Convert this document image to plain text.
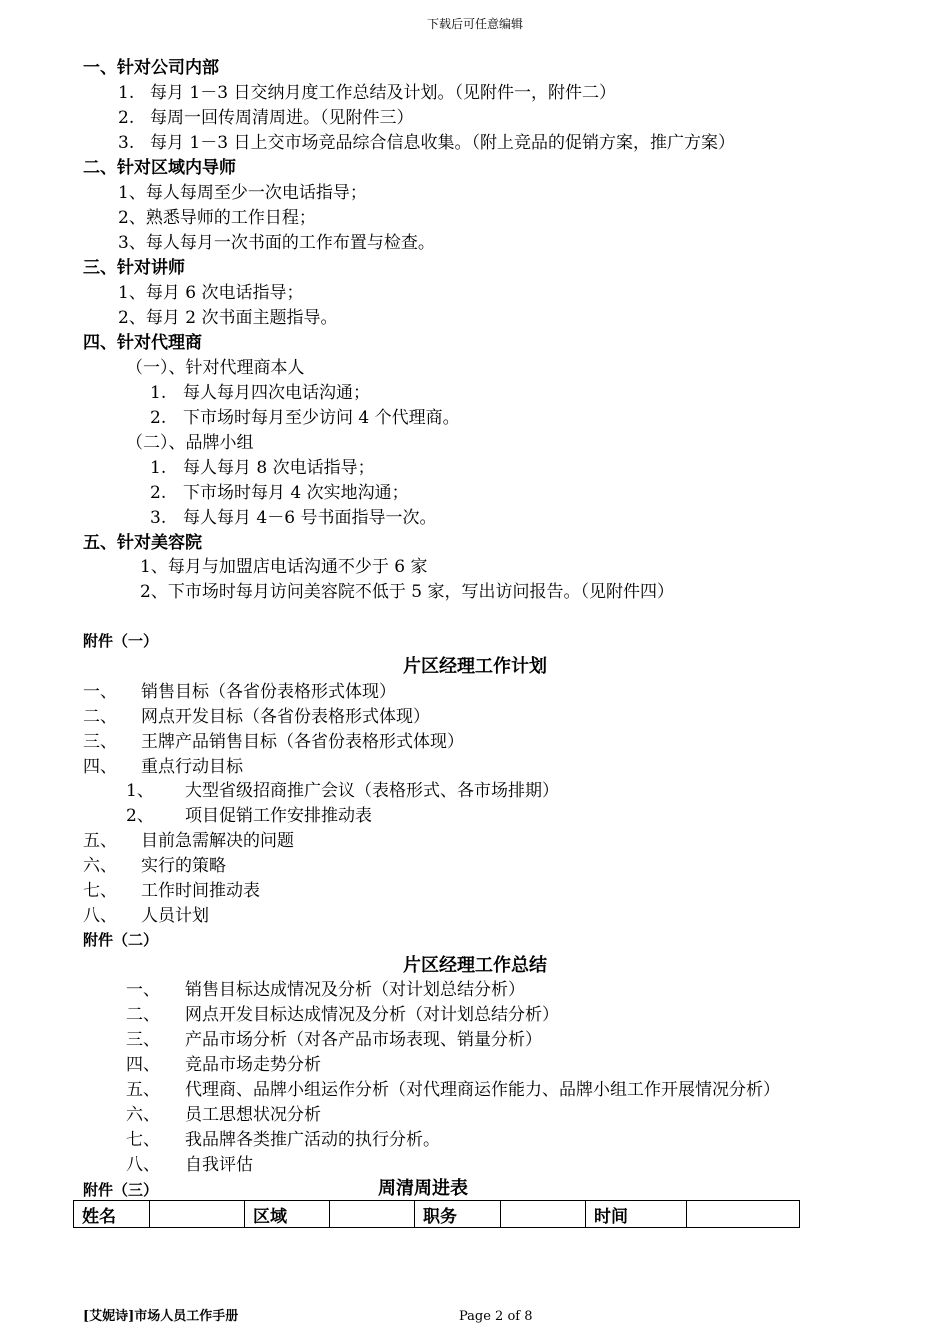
下载后可任意编辑
一、针对公司内部
1. 每月 1－3 日交纳月度工作总结及计划。（见附件一，附件二）
2. 每周一回传周清周进。（见附件三）
3. 每月 1－3 日上交市场竞品综合信息收集。（附上竞品的促销方案，推广方案）
二、针对区域内导师
1、每人每周至少一次电话指导；
2、熟悉导师的工作日程；
3、每人每月一次书面的工作布置与检查。
三、针对讲师
1、每月 6 次电话指导；
2、每月 2 次书面主题指导。
四、针对代理商
（一）、针对代理商本人
1. 每人每月四次电话沟通；
2. 下市场时每月至少访问 4 个代理商。
（二）、品牌小组
1. 每人每月 8 次电话指导；
2. 下市场时每月 4 次实地沟通；
3. 每人每月 4－6 号书面指导一次。
五、针对美容院
1、每月与加盟店电话沟通不少于 6 家
2、下市场时每月访问美容院不低于 5 家，写出访问报告。（见附件四）
附件（一）
片区经理工作计划
一、 销售目标（各省份表格形式体现）
二、 网点开发目标（各省份表格形式体现）
三、 王牌产品销售目标（各省份表格形式体现）
四、 重点行动目标
1、 大型省级招商推广会议（表格形式、各市场排期）
2、 项目促销工作安排推动表
五、 目前急需解决的问题
六、 实行的策略
七、 工作时间推动表
八、 人员计划
附件（二）
片区经理工作总结
一、 销售目标达成情况及分析（对计划总结分析）
二、 网点开发目标达成情况及分析（对计划总结分析）
三、 产品市场分析（对各产品市场表现、销量分析）
四、 竞品市场走势分析
五、 代理商、品牌小组运作分析（对代理商运作能力、品牌小组工作开展情况分析）
六、 员工思想状况分析
七、 我品牌各类推广活动的执行分析。
八、 自我评估
附件（三）	周清周进表
姓名		区域		职务		时间	
[艾妮诗]市场人员工作手册	Page 2 of 8
